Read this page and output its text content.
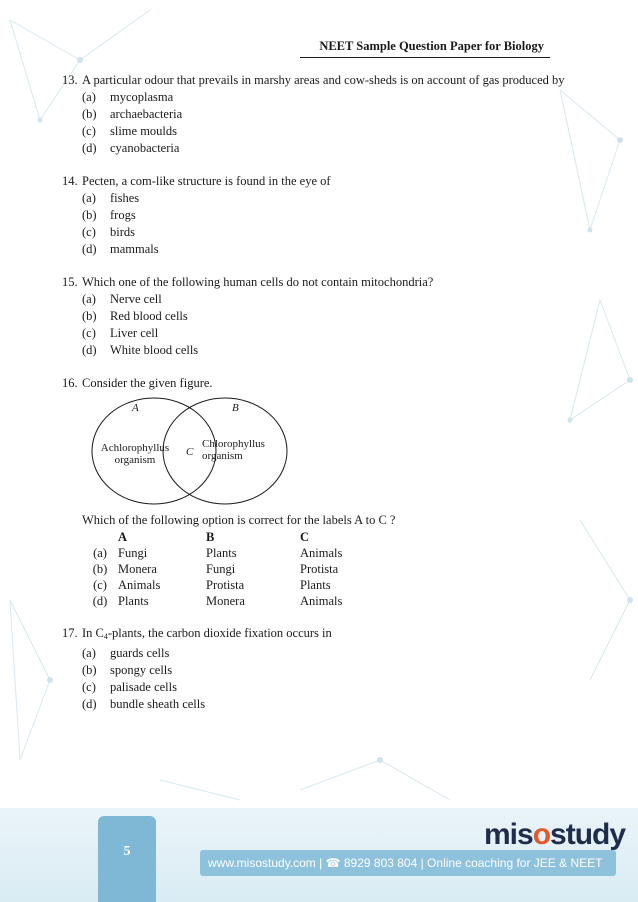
NEET Sample Question Paper for Biology
13. A particular odour that prevails in marshy areas and cow-sheds is on account of gas produced by
(a)	mycoplasma
(b)	archaebacteria
(c)	slime moulds
(d)	cyanobacteria
14. Pecten, a com-like structure is found in the eye of
(a)	fishes
(b)	frogs
(c)	birds
(d)	mammals
15. Which one of the following human cells do not contain mitochondria?
(a)	Nerve cell
(b)	Red blood cells
(c)	Liver cell
(d)	White blood cells
16. Consider the given figure.
A	B
C
Achlorophyllus organism
Chlorophyllus organism
Which of the following option is correct for the labels A to C ?
	A	B	C
(a)	Fungi	Plants	Animals
(b)	Monera	Fungi	Protista
(c)	Animals	Protista	Plants
(d)	Plants	Monera	Animals
17. In $C_4$-plants, the carbon dioxide fixation occurs in
(a)	guards cells
(b)	spongy cells
(c)	palisade cells
(d)	bundle sheath cells
5
misostudy
www.misostudy.com | ☎ 8929 803 804 | Online coaching for JEE & NEET
